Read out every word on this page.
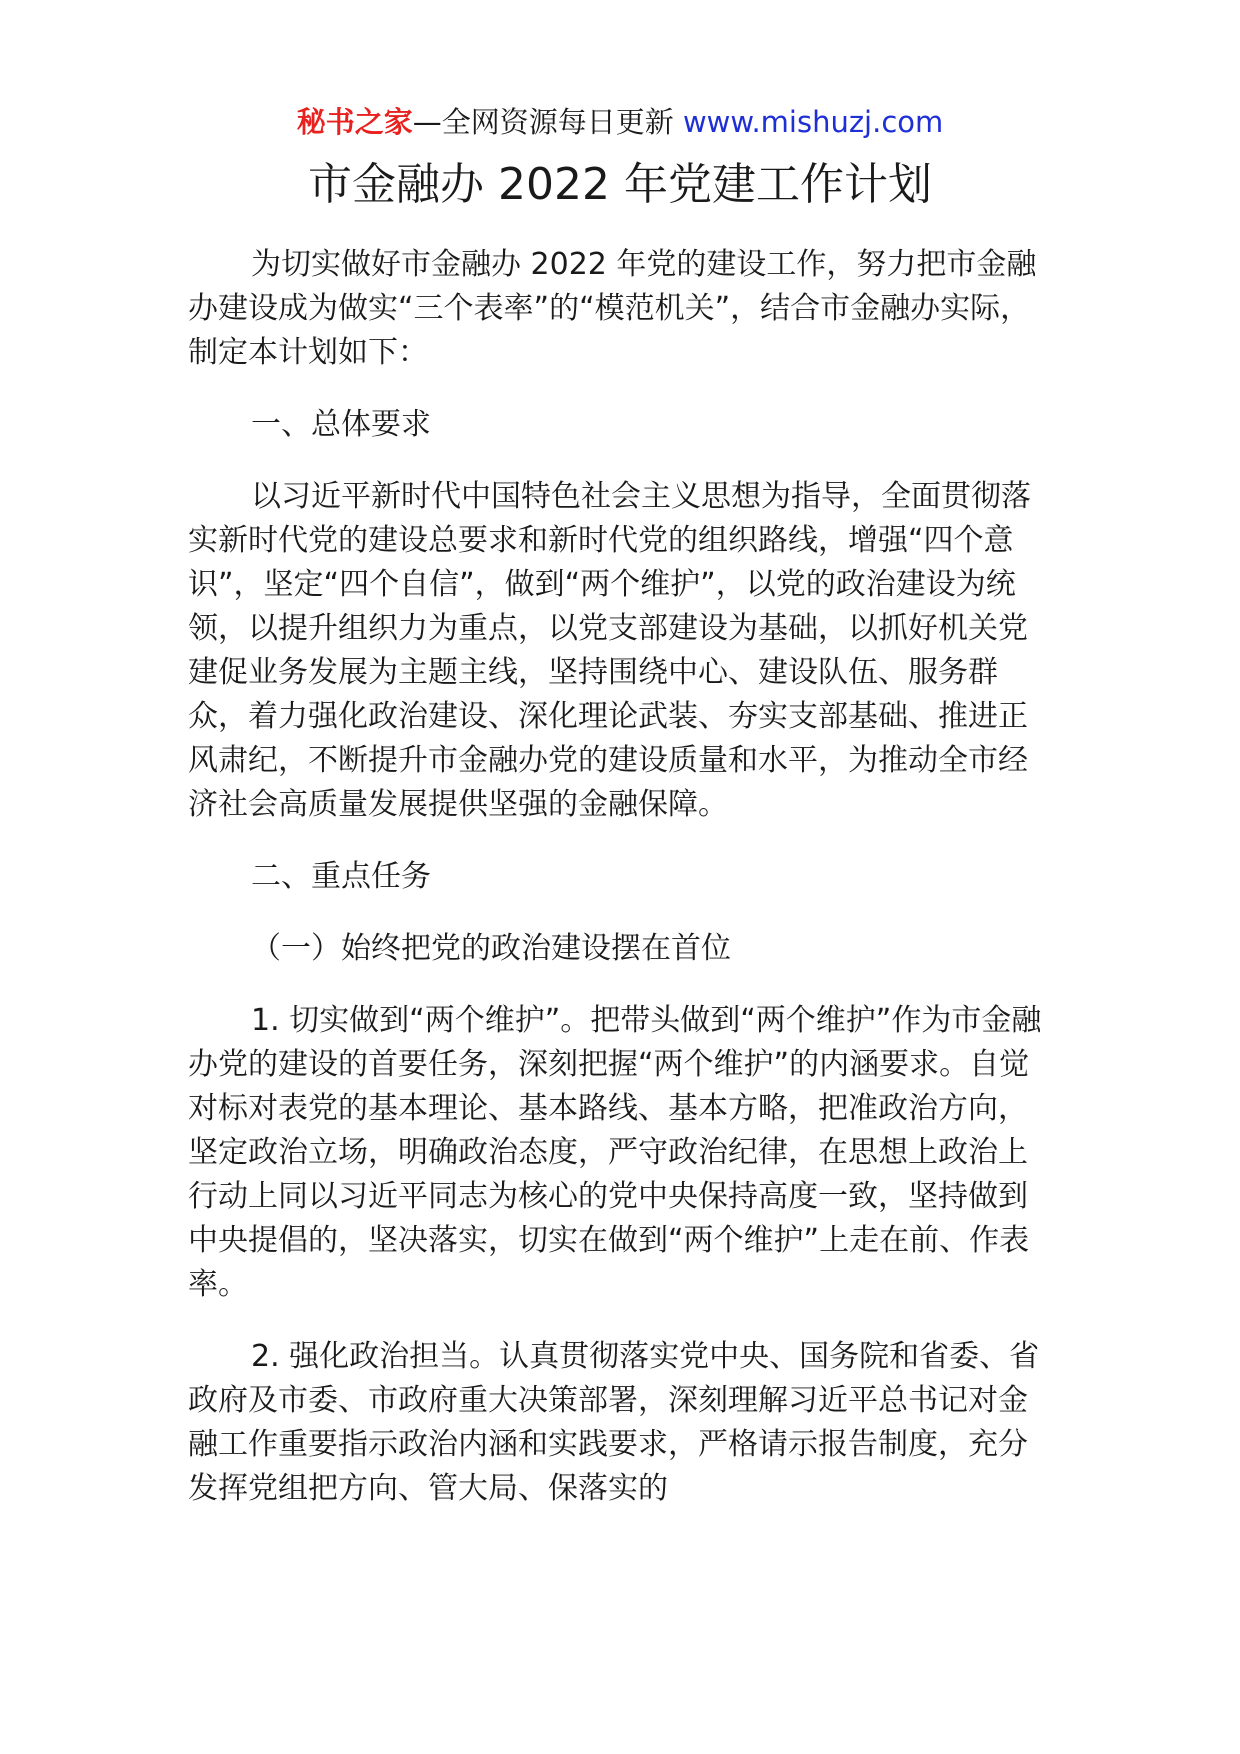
秘书之家—全网资源每日更新 www.mishuzj.com
市金融办 2022 年党建工作计划

为切实做好市金融办 2022 年党的建设工作，努力把市金融办建设成为做实“三个表率”的“模范机关”，结合市金融办实际，制定本计划如下：

一、总体要求

以习近平新时代中国特色社会主义思想为指导，全面贯彻落实新时代党的建设总要求和新时代党的组织路线，增强“四个意识”，坚定“四个自信”，做到“两个维护”，以党的政治建设为统领，以提升组织力为重点，以党支部建设为基础，以抓好机关党建促业务发展为主题主线，坚持围绕中心、建设队伍、服务群众，着力强化政治建设、深化理论武装、夯实支部基础、推进正风肃纪，不断提升市金融办党的建设质量和水平，为推动全市经济社会高质量发展提供坚强的金融保障。

二、重点任务

（一）始终把党的政治建设摆在首位

1. 切实做到“两个维护”。把带头做到“两个维护”作为市金融办党的建设的首要任务，深刻把握“两个维护”的内涵要求。自觉对标对表党的基本理论、基本路线、基本方略，把准政治方向，坚定政治立场，明确政治态度，严守政治纪律，在思想上政治上行动上同以习近平同志为核心的党中央保持高度一致，坚持做到中央提倡的，坚决落实，切实在做到“两个维护”上走在前、作表率。

2. 强化政治担当。认真贯彻落实党中央、国务院和省委、省政府及市委、市政府重大决策部署，深刻理解习近平总书记对金融工作重要指示政治内涵和实践要求，严格请示报告制度，充分发挥党组把方向、管大局、保落实的
